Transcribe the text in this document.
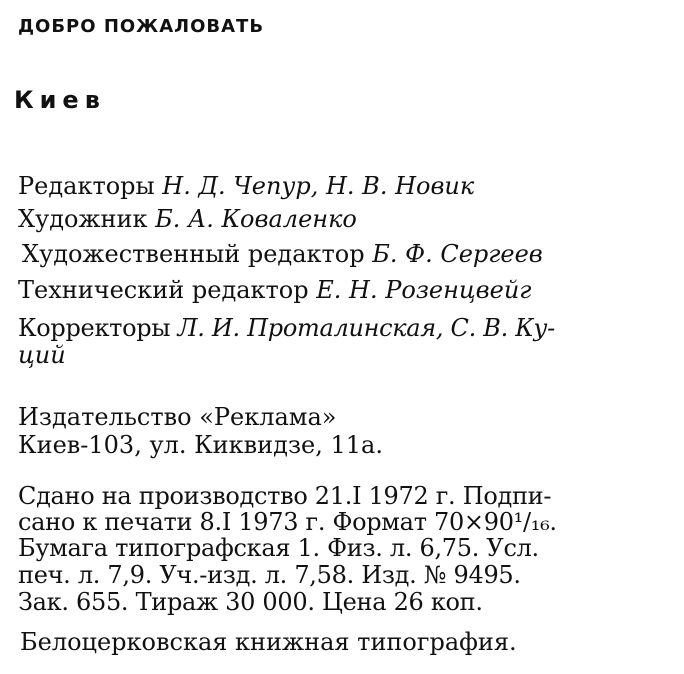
ДОБРО ПОЖАЛОВАТЬ
Киев
Редакторы Н. Д. Чепур, Н. В. Новик
Художник Б. А. Коваленко
Художественный редактор Б. Ф. Сергеев
Технический редактор Е. Н. Розенцвейг
Корректоры Л. И. Проталинская, С. В. Ку-
ций
Издательство «Реклама»
Киев-103, ул. Киквидзе, 11а.
Сдано на производство 21.I 1972 г. Подпи-
сано к печати 8.I 1973 г. Формат 70×90¹/₁₆.
Бумага типографская 1. Физ. л. 6,75. Усл.
печ. л. 7,9. Уч.-изд. л. 7,58. Изд. № 9495.
Зак. 655. Тираж 30 000. Цена 26 коп.
Белоцерковская книжная типография.
